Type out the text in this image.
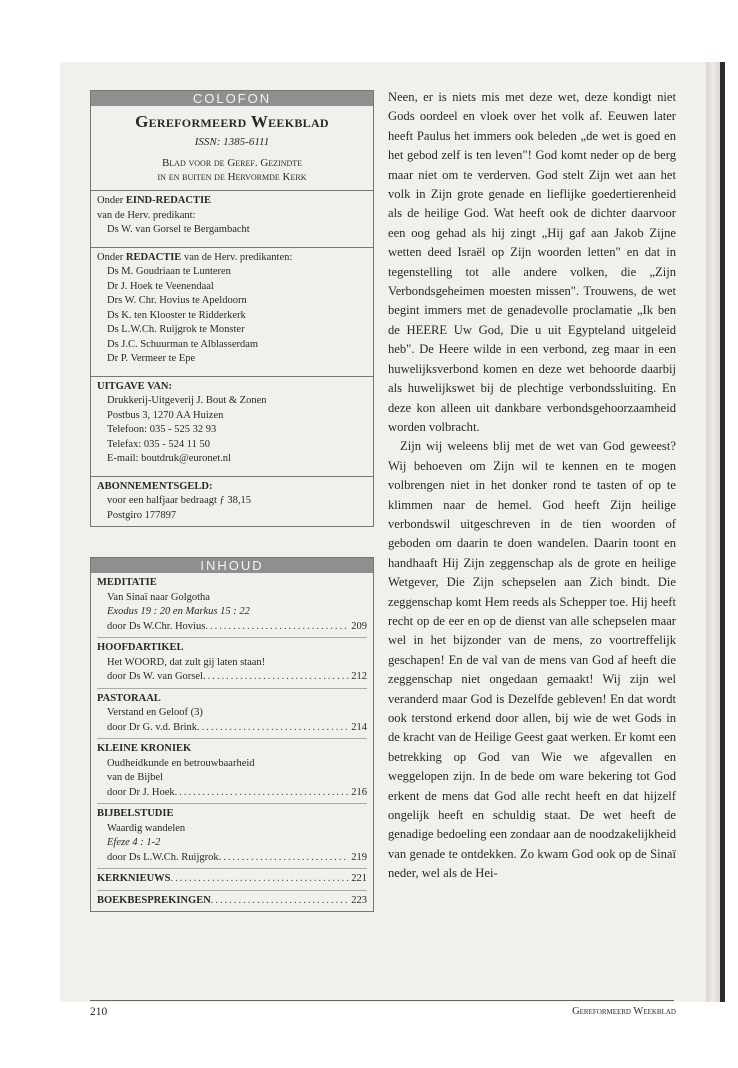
COLOFON
Gereformeerd Weekblad
ISSN: 1385-6111
Blad voor de Geref. Gezindte
in en buiten de Hervormde Kerk
Onder EIND-REDACTIE
van de Herv. predikant:
Ds W. van Gorsel te Bergambacht
Onder REDACTIE van de Herv. predikanten:
Ds M. Goudriaan te Lunteren
Dr J. Hoek te Veenendaal
Drs W. Chr. Hovius te Apeldoorn
Ds K. ten Klooster te Ridderkerk
Ds L.W.Ch. Ruijgrok te Monster
Ds J.C. Schuurman te Alblasserdam
Dr P. Vermeer te Epe
UITGAVE VAN:
Drukkerij-Uitgeverij J. Bout & Zonen
Postbus 3, 1270 AA Huizen
Telefoon: 035 - 525 32 93
Telefax: 035 - 524 11 50
E-mail: boutdruk@euronet.nl
ABONNEMENTSGELD:
voor een halfjaar bedraagt ƒ 38,15
Postgiro 177897
INHOUD
MEDITATIE
Van Sinaï naar Golgotha
Exodus 19 : 20 en Markus 15 : 22
door Ds W.Chr. Hovius .....	209
HOOFDARTIKEL
Het WOORD, dat zult gij laten staan!
door Ds W. van Gorsel .....	212
PASTORAAL
Verstand en Geloof (3)
door Dr G. v.d. Brink .....	214
KLEINE KRONIEK
Oudheidkunde en betrouwbaarheid
van de Bijbel
door Dr J. Hoek .....	216
BIJBELSTUDIE
Waardig wandelen
Efeze 4 : 1-2
door Ds L.W.Ch. Ruijgrok .....	219
KERKNIEUWS .....	221
BOEKBESPREKINGEN .....	223

Neen, er is niets mis met deze wet, deze kondigt niet Gods oordeel en vloek over het volk af. Eeuwen later heeft Paulus het immers ook beleden „de wet is goed en het gebod zelf is ten leven"! God komt neder op de berg maar niet om te verderven. God stelt Zijn wet aan het volk in Zijn grote genade en lieflijke goedertierenheid als de heilige God. Wat heeft ook de dichter daarvoor een oog gehad als hij zingt „Hij gaf aan Jakob Zijne wetten deed Israël op Zijn woorden letten" en dat in tegenstelling tot alle andere volken, die „Zijn Verbondsgeheimen moesten missen". Trouwens, de wet begint immers met de genadevolle proclamatie „Ik ben de HEERE Uw God, Die u uit Egypteland uitgeleid heb". De Heere wilde in een verbond, zeg maar in een huwelijksverbond komen en deze wet behoorde daarbij als huwelijkswet bij de plechtige verbondssluiting. En deze kon alleen uit dankbare verbondsgehoorzaamheid worden volbracht.

Zijn wij weleens blij met de wet van God geweest? Wij behoeven om Zijn wil te kennen en te mogen volbrengen niet in het donker rond te tasten of op te klimmen naar de hemel. God heeft Zijn heilige verbondswil uitgeschreven in de tien woorden of geboden om daarin te doen wandelen. Daarin toont en handhaaft Hij Zijn zeggenschap als de grote en heilige Wetgever, Die Zijn schepselen aan Zich bindt. Die zeggenschap komt Hem reeds als Schepper toe. Hij heeft recht op de eer en op de dienst van alle schepselen maar wel in het bijzonder van de mens, zo voortreffelijk geschapen! En de val van de mens van God af heeft die zeggenschap niet ongedaan gemaakt! Wij zijn wel veranderd maar God is Dezelfde gebleven! En dat wordt ook terstond erkend door allen, bij wie de wet Gods in de kracht van de Heilige Geest gaat werken. Er komt een betrekking op God van Wie we afgevallen en weggelopen zijn. In de bede om ware bekering tot God erkent de mens dat God alle recht heeft en dat hijzelf ongelijk heeft en schuldig staat. De wet heeft de genadige bedoeling een zondaar aan de noodzakelijkheid van genade te ontdekken. Zo kwam God ook op de Sinaï neder, wel als de Hei-

210	Gereformeerd Weekblad
